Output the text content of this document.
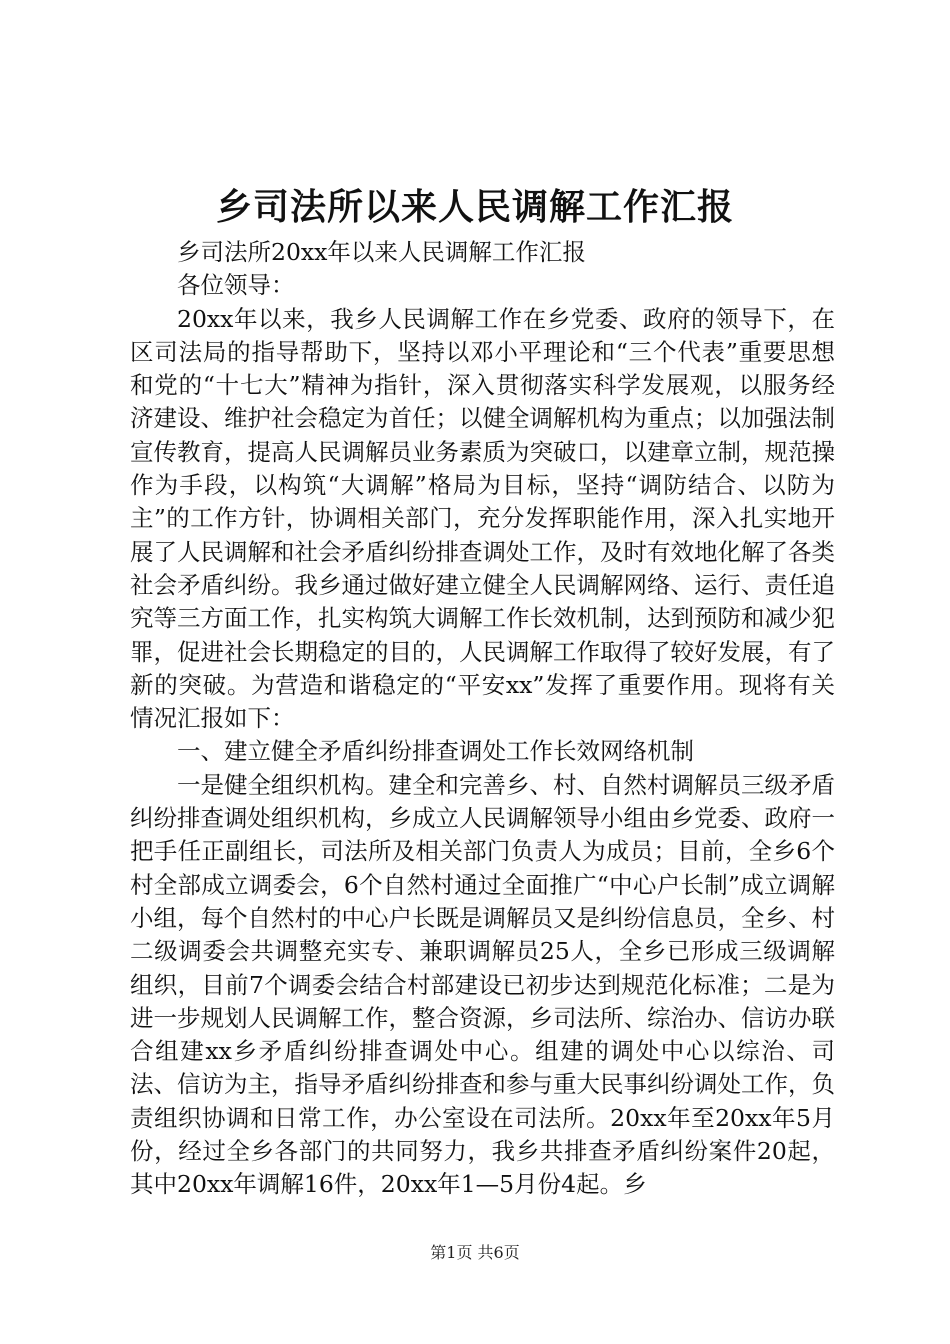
乡司法所以来人民调解工作汇报

乡司法所20xx年以来人民调解工作汇报

各位领导：

20xx年以来，我乡人民调解工作在乡党委、政府的领导下，在区司法局的指导帮助下，坚持以邓小平理论和“三个代表”重要思想和党的“十七大”精神为指针，深入贯彻落实科学发展观，以服务经济建设、维护社会稳定为首任；以健全调解机构为重点；以加强法制宣传教育，提高人民调解员业务素质为突破口，以建章立制，规范操作为手段，以构筑“大调解”格局为目标，坚持“调防结合、以防为主”的工作方针，协调相关部门，充分发挥职能作用，深入扎实地开展了人民调解和社会矛盾纠纷排查调处工作，及时有效地化解了各类社会矛盾纠纷。我乡通过做好建立健全人民调解网络、运行、责任追究等三方面工作，扎实构筑大调解工作长效机制，达到预防和减少犯罪，促进社会长期稳定的目的，人民调解工作取得了较好发展，有了新的突破。为营造和谐稳定的“平安xx”发挥了重要作用。现将有关情况汇报如下：

一、建立健全矛盾纠纷排查调处工作长效网络机制

一是健全组织机构。建全和完善乡、村、自然村调解员三级矛盾纠纷排查调处组织机构，乡成立人民调解领导小组由乡党委、政府一把手任正副组长，司法所及相关部门负责人为成员；目前，全乡6个村全部成立调委会，6个自然村通过全面推广“中心户长制”成立调解小组，每个自然村的中心户长既是调解员又是纠纷信息员，全乡、村二级调委会共调整充实专、兼职调解员25人，全乡已形成三级调解组织，目前7个调委会结合村部建设已初步达到规范化标准；二是为进一步规划人民调解工作，整合资源，乡司法所、综治办、信访办联合组建xx乡矛盾纠纷排查调处中心。组建的调处中心以综治、司法、信访为主，指导矛盾纠纷排查和参与重大民事纠纷调处工作，负责组织协调和日常工作，办公室设在司法所。20xx年至20xx年5月份，经过全乡各部门的共同努力，我乡共排查矛盾纠纷案件20起，其中20xx年调解16件，20xx年1—5月份4起。乡

第1页 共6页
